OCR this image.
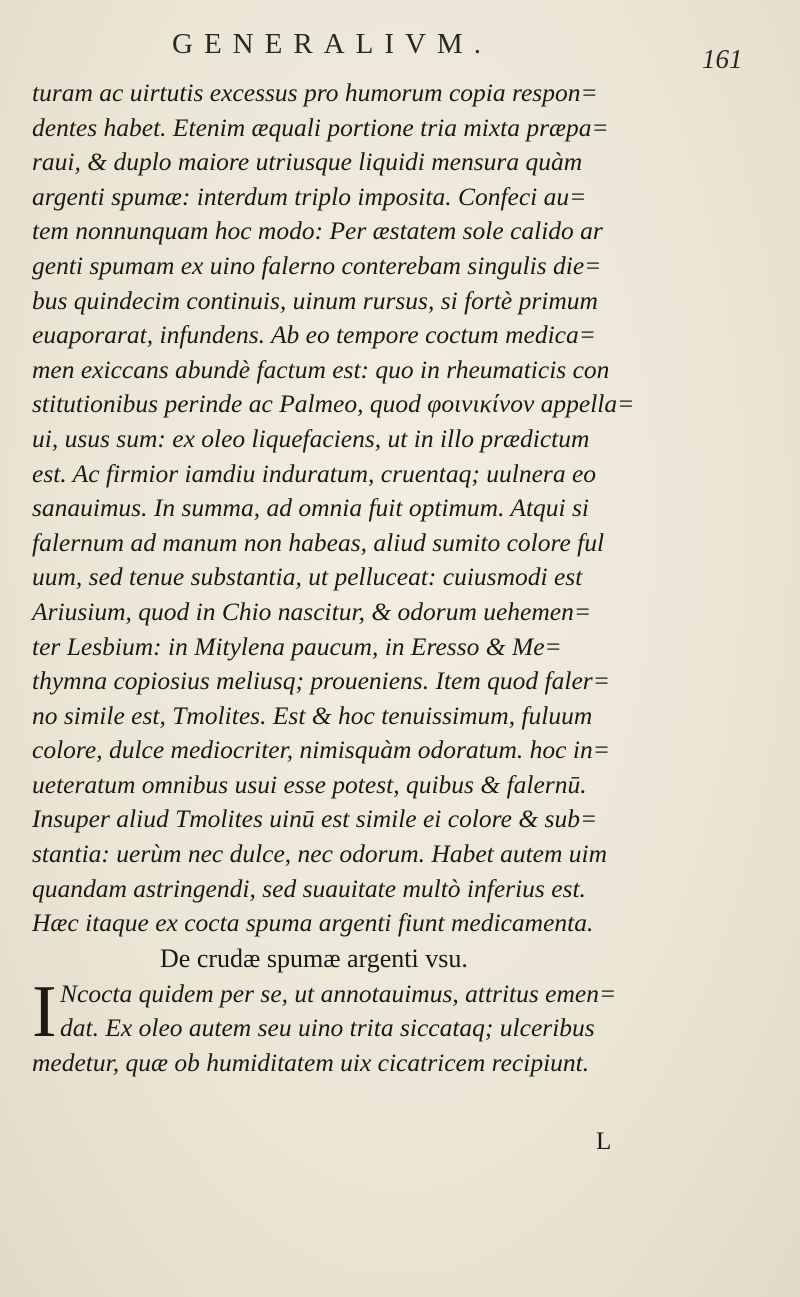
GENERALIVM.	161
turam ac uirtutis excessus pro humorum copia respon=
dentes habet. Etenim æquali portione tria mixta præpa=
raui, & duplo maiore utriusque liquidi mensura quàm
argenti spumæ: interdum triplo imposita. Confeci au=
tem nonnunquam hoc modo: Per æstatem sole calido ar
genti spumam ex uino falerno conterebam singulis die=
bus quindecim continuis, uinum rursus, si fortè primum
euaporarat, infundens. Ab eo tempore coctum medica=
men exiccans abundè factum est: quo in rheumaticis con
stitutionibus perinde ac Palmeo, quod φοινικίνον appella=
ui, usus sum: ex oleo liquefaciens, ut in illo prædictum
est. Ac firmior iamdiu induratum, cruentaq; uulnera eo
sanauimus. In summa, ad omnia fuit optimum. Atqui si
falernum ad manum non habeas, aliud sumito colore ful
uum, sed tenue substantia, ut pelluceat: cuiusmodi est
Ariusium, quod in Chio nascitur, & odorum uehemen=
ter Lesbium: in Mitylena paucum, in Eresso & Me=
thymna copiosius meliusq; proueniens. Item quod faler=
no simile est, Tmolites. Est & hoc tenuissimum, fuluum
colore, dulce mediocriter, nimisquàm odoratum. hoc in=
ueteratum omnibus usui esse potest, quibus & falernū.
Insuper aliud Tmolites uinū est simile ei colore & sub=
stantia: uerùm nec dulce, nec odorum. Habet autem uim
quandam astringendi, sed suauitate multò inferius est.
Hæc itaque ex cocta spuma argenti fiunt medicamenta.
De crudæ spumæ argenti vsu.
I Ncocta quidem per se, ut annotauimus, attritus emen=
dat. Ex oleo autem seu uino trita siccataq; ulceribus
medetur, quæ ob humiditatem uix cicatricem recipiunt.
L
